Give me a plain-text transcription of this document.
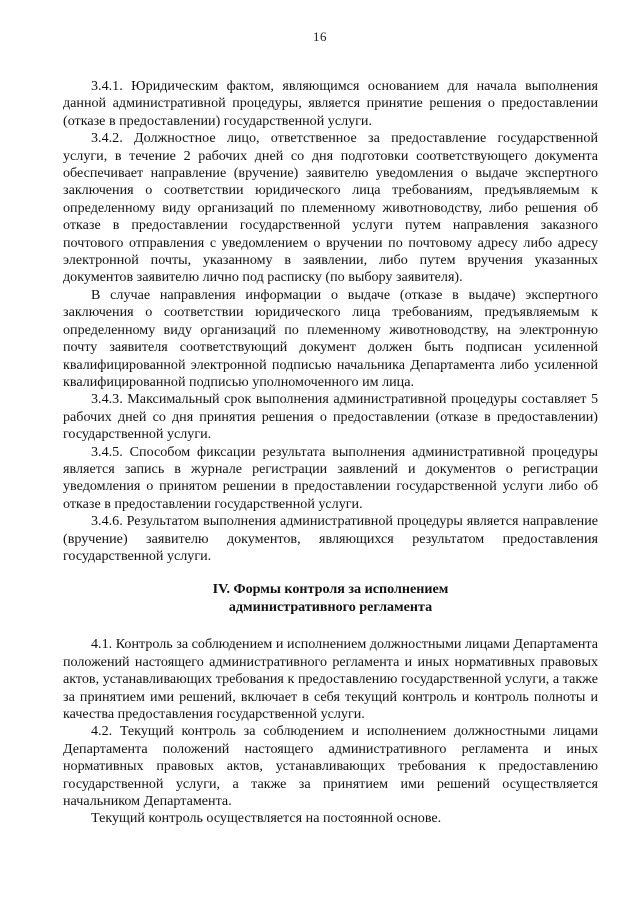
16

3.4.1. Юридическим фактом, являющимся основанием для начала выполнения данной административной процедуры, является принятие решения о предоставлении (отказе в предоставлении) государственной услуги.

3.4.2. Должностное лицо, ответственное за предоставление государственной услуги, в течение 2 рабочих дней со дня подготовки соответствующего документа обеспечивает направление (вручение) заявителю уведомления о выдаче экспертного заключения о соответствии юридического лица требованиям, предъявляемым к определенному виду организаций по племенному животноводству, либо решения об отказе в предоставлении государственной услуги путем направления заказного почтового отправления с уведомлением о вручении по почтовому адресу либо адресу электронной почты, указанному в заявлении, либо путем вручения указанных документов заявителю лично под расписку (по выбору заявителя).

В случае направления информации о выдаче (отказе в выдаче) экспертного заключения о соответствии юридического лица требованиям, предъявляемым к определенному виду организаций по племенному животноводству, на электронную почту заявителя соответствующий документ должен быть подписан усиленной квалифицированной электронной подписью начальника Департамента либо усиленной квалифицированной подписью уполномоченного им лица.

3.4.3. Максимальный срок выполнения административной процедуры составляет 5 рабочих дней со дня принятия решения о предоставлении (отказе в предоставлении) государственной услуги.

3.4.5. Способом фиксации результата выполнения административной процедуры является запись в журнале регистрации заявлений и документов о регистрации уведомления о принятом решении в предоставлении государственной услуги либо об отказе в предоставлении государственной услуги.

3.4.6. Результатом выполнения административной процедуры является направление (вручение) заявителю документов, являющихся результатом предоставления государственной услуги.

IV. Формы контроля за исполнением
административного регламента

4.1. Контроль за соблюдением и исполнением должностными лицами Департамента положений настоящего административного регламента и иных нормативных правовых актов, устанавливающих требования к предоставлению государственной услуги, а также за принятием ими решений, включает в себя текущий контроль и контроль полноты и качества предоставления государственной услуги.

4.2. Текущий контроль за соблюдением и исполнением должностными лицами Департамента положений настоящего административного регламента и иных нормативных правовых актов, устанавливающих требования к предоставлению государственной услуги, а также за принятием ими решений осуществляется начальником Департамента.

Текущий контроль осуществляется на постоянной основе.
